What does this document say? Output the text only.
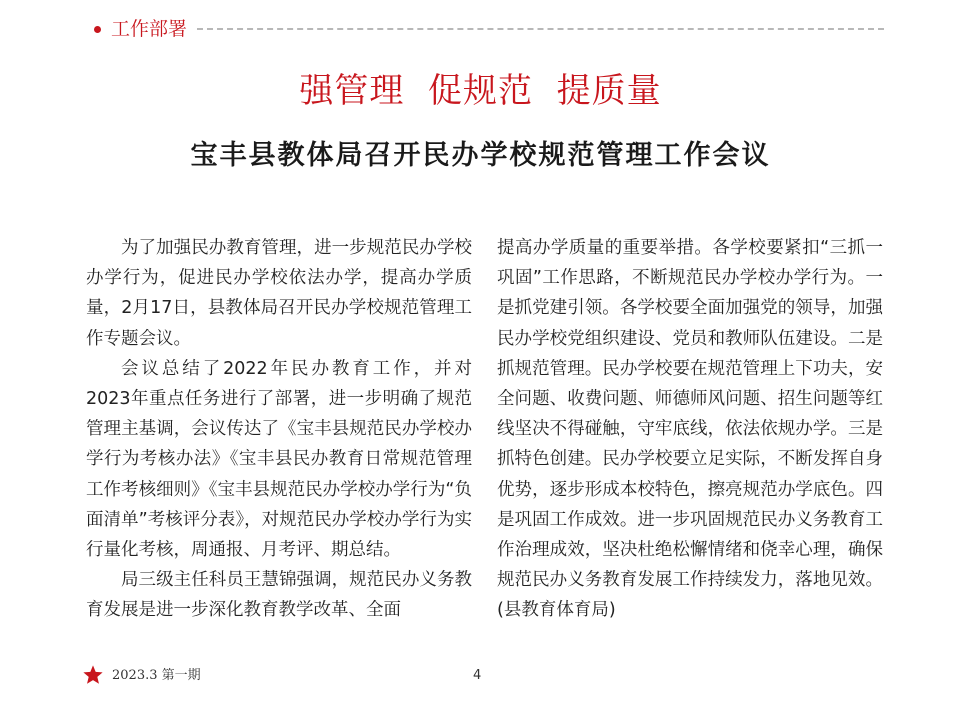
工作部署
强管理  促规范  提质量
宝丰县教体局召开民办学校规范管理工作会议

为了加强民办教育管理，进一步规范民办学校办学行为，促进民办学校依法办学，提高办学质量，2月17日，县教体局召开民办学校规范管理工作专题会议。

会议总结了2022年民办教育工作，并对2023年重点任务进行了部署，进一步明确了规范管理主基调，会议传达了《宝丰县规范民办学校办学行为考核办法》《宝丰县民办教育日常规范管理工作考核细则》《宝丰县规范民办学校办学行为“负面清单”考核评分表》，对规范民办学校办学行为实行量化考核，周通报、月考评、期总结。

局三级主任科员王慧锦强调，规范民办义务教育发展是进一步深化教育教学改革、全面

提高办学质量的重要举措。各学校要紧扣“三抓一巩固”工作思路，不断规范民办学校办学行为。一是抓党建引领。各学校要全面加强党的领导，加强民办学校党组织建设、党员和教师队伍建设。二是抓规范管理。民办学校要在规范管理上下功夫，安全问题、收费问题、师德师风问题、招生问题等红线坚决不得碰触，守牢底线，依法依规办学。三是抓特色创建。民办学校要立足实际，不断发挥自身优势，逐步形成本校特色，擦亮规范办学底色。四是巩固工作成效。进一步巩固规范民办义务教育工作治理成效，坚决杜绝松懈情绪和侥幸心理，确保规范民办义务教育发展工作持续发力，落地见效。 (县教育体育局)

2023.3 第一期	4
